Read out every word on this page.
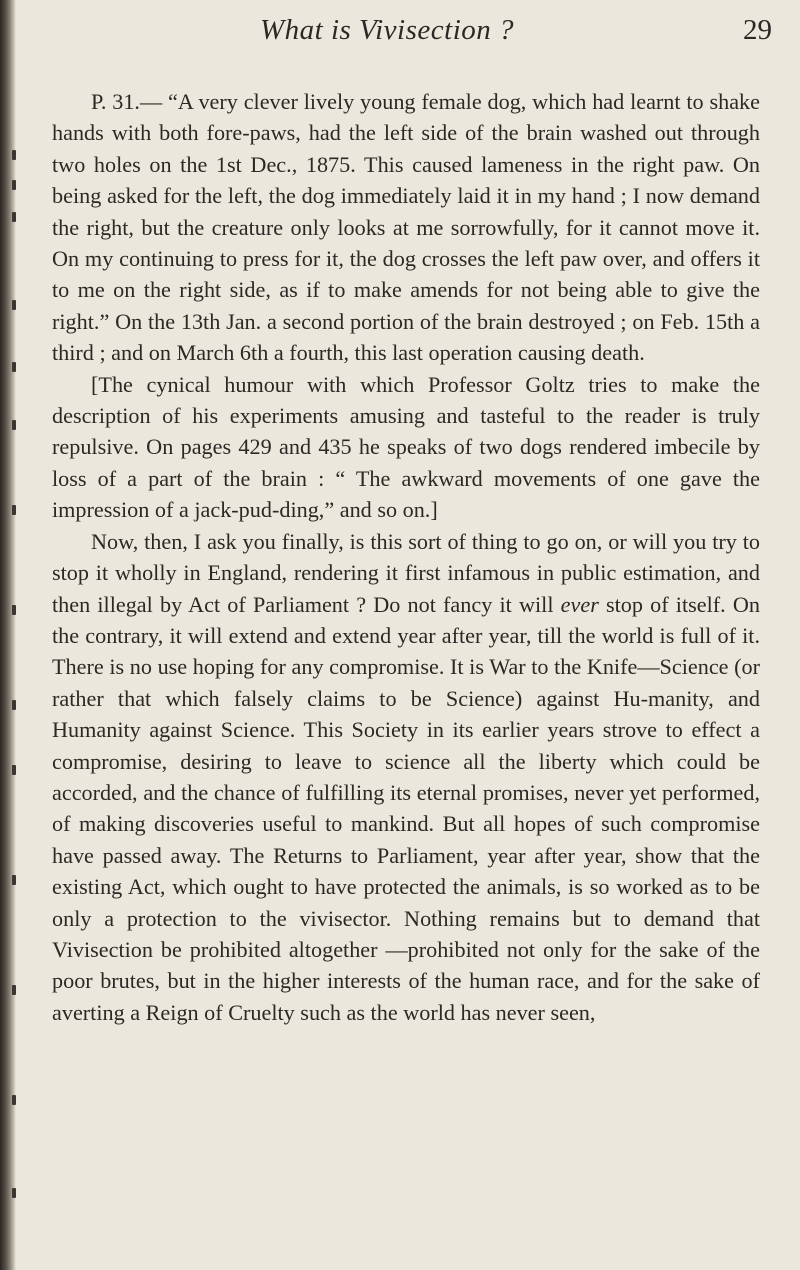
What is Vivisection ?	29

P. 31.— “A very clever lively young female dog, which had learnt to shake hands with both fore-paws, had the left side of the brain washed out through two holes on the 1st Dec., 1875. This caused lameness in the right paw. On being asked for the left, the dog immediately laid it in my hand ; I now demand the right, but the creature only looks at me sorrowfully, for it cannot move it. On my continuing to press for it, the dog crosses the left paw over, and offers it to me on the right side, as if to make amends for not being able to give the right.” On the 13th Jan. a second portion of the brain destroyed ; on Feb. 15th a third ; and on March 6th a fourth, this last operation causing death.

[The cynical humour with which Professor Goltz tries to make the description of his experiments amusing and tasteful to the reader is truly repulsive. On pages 429 and 435 he speaks of two dogs rendered imbecile by loss of a part of the brain : “ The awkward movements of one gave the impression of a jack-pud-ding,” and so on.]

Now, then, I ask you finally, is this sort of thing to go on, or will you try to stop it wholly in England, rendering it first infamous in public estimation, and then illegal by Act of Parliament ? Do not fancy it will ever stop of itself. On the contrary, it will extend and extend year after year, till the world is full of it. There is no use hoping for any compromise. It is War to the Knife—Science (or rather that which falsely claims to be Science) against Hu-manity, and Humanity against Science. This Society in its earlier years strove to effect a compromise, desiring to leave to science all the liberty which could be accorded, and the chance of fulfilling its eternal promises, never yet performed, of making discoveries useful to mankind. But all hopes of such compromise have passed away. The Returns to Parliament, year after year, show that the existing Act, which ought to have protected the animals, is so worked as to be only a protection to the vivisector. Nothing remains but to demand that Vivisection be prohibited altogether —prohibited not only for the sake of the poor brutes, but in the higher interests of the human race, and for the sake of averting a Reign of Cruelty such as the world has never seen,
